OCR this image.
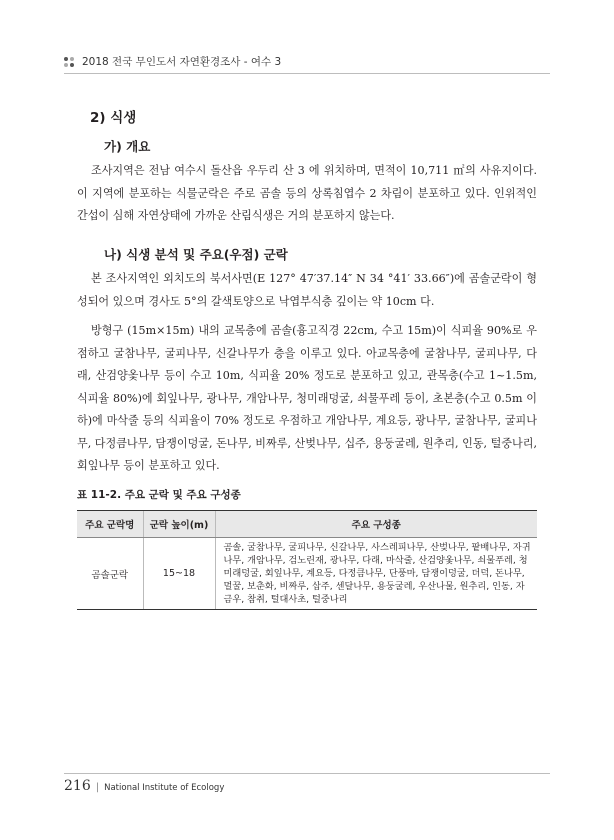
2018 전국 무인도서 자연환경조사 - 여수 3
2) 식생
가) 개요

조사지역은 전남 여수시 돌산읍 우두리 산 3 에 위치하며, 면적이 10,711 ㎡의 사유지이다. 이 지역에 분포하는 식물군락은 주로 곰솔 등의 상록침엽수 2 차림이 분포하고 있다. 인위적인 간섭이 심해 자연상태에 가까운 산림식생은 거의 분포하지 않는다.

나) 식생 분석 및 주요(우점) 군락

본 조사지역인 외치도의 북서사면(E 127° 47′37.14″ N 34 °41′ 33.66″)에 곰솔군락이 형성되어 있으며 경사도 5°의 갈색토양으로 낙엽부식층 깊이는 약 10cm 다.

방형구 (15m×15m) 내의 교목층에 곰솔(흉고직경 22cm, 수고 15m)이 식피율 90%로 우점하고 굴참나무, 굴피나무, 신갈나무가 층을 이루고 있다. 아교목층에 굴참나무, 굴피나무, 다래, 산검양옻나무 등이 수고 10m, 식피율 20% 정도로 분포하고 있고, 관목층(수고 1~1.5m, 식피율 80%)에 회잎나무, 광나무, 개암나무, 청미래덩굴, 쇠물푸레 등이, 초본층(수고 0.5m 이하)에 마삭줄 등의 식피율이 70% 정도로 우점하고 개암나무, 계요등, 광나무, 굴참나무, 굴피나무, 다정큼나무, 담쟁이덩굴, 돈나무, 비짜루, 산벚나무, 십주, 용둥굴레, 원추리, 인동, 털중나리, 회잎나무 등이 분포하고 있다.

표 11-2. 주요 군락 및 주요 구성종
주요 군락명	군락 높이(m)	주요 구성종
곰솔군락	15~18	곰솔, 굴참나무, 굴피나무, 신갈나무, 사스레피나무, 산벚나무, 팥배나무, 자귀나무, 개암나무, 검노린재, 광나무, 다래, 마삭줄, 산검양옻나무, 쇠물푸레, 청미래덩굴, 회잎나무, 계요등, 다정큼나무, 단풍마, 담쟁이덩굴, 더덕, 돈나무, 멀꿀, 보춘화, 비짜루, 삽주, 센달나무, 용둥굴레, 우산나물, 원추리, 인동, 자금우, 참취, 털대사초, 털중나리
216 | National Institute of Ecology
